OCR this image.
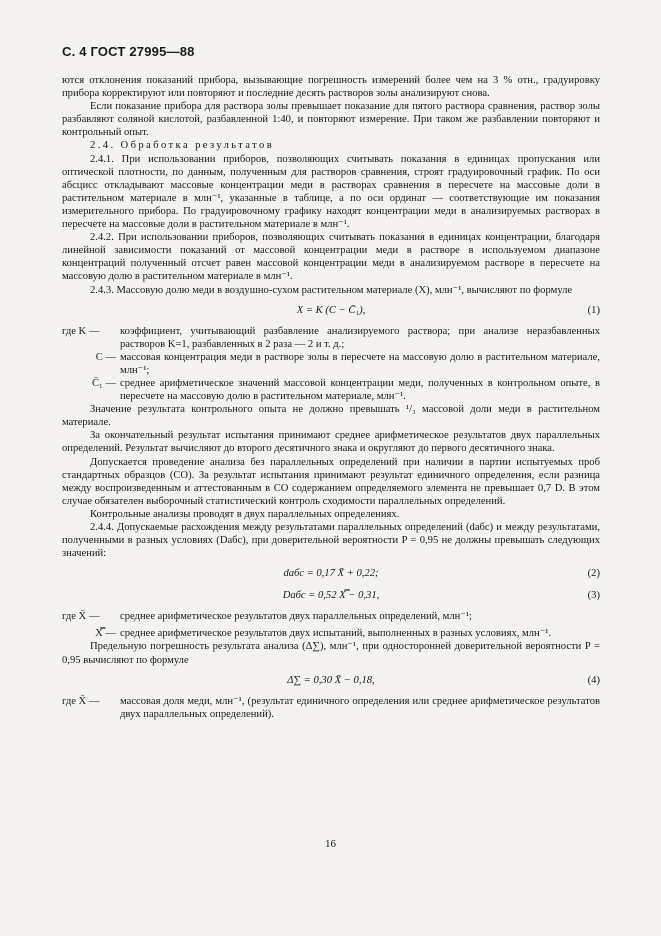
С. 4 ГОСТ 27995—88

ются отклонения показаний прибора, вызывающие погрешность измерений более чем на 3 % отн., градуировку прибора корректируют или повторяют и последние десять растворов золы анализируют снова.

Если показание прибора для раствора золы превышает показание для пятого раствора сравнения, раствор золы разбавляют соляной кислотой, разбавленной 1:40, и повторяют измерение. При таком же разбавлении повторяют и контрольный опыт.

2.4. Обработка результатов

2.4.1. При использовании приборов, позволяющих считывать показания в единицах пропускания или оптической плотности, по данным, полученным для растворов сравнения, строят градуировочный график. По оси абсцисс откладывают массовые концентрации меди в растворах сравнения в пересчете на массовые доли в растительном материале в млн⁻¹, указанные в таблице, а по оси ординат — соответствующие им показания измерительного прибора. По градуировочному графику находят концентрации меди в анализируемых растворах в пересчете на массовые доли в растительном материале в млн⁻¹.

2.4.2. При использовании приборов, позволяющих считывать показания в единицах концентрации, благодаря линейной зависимости показаний от массовой концентрации меди в растворе в используемом диапазоне концентраций полученный отсчет равен массовой концентрации меди в анализируемом растворе в пересчете на массовую долю в растительном материале в млн⁻¹.

2.4.3. Массовую долю меди в воздушно-сухом растительном материале (X), млн⁻¹, вычисляют по формуле

X = K (C − C̄₁),	(1)
где K —	коэффициент, учитывающий разбавление анализируемого раствора; при анализе неразбавленных растворов K=1, разбавленных в 2 раза — 2 и т. д.;
C — массовая концентрация меди в растворе золы в пересчете на массовую долю в растительном материале, млн⁻¹;
C̄₁ — среднее арифметическое значений массовой концентрации меди, полученных в контрольном опыте, в пересчете на массовую долю в растительном материале, млн⁻¹.

Значение результата контрольного опыта не должно превышать ¹/₃ массовой доли меди в растительном материале.

За окончательный результат испытания принимают среднее арифметическое результатов двух параллельных определений. Результат вычисляют до второго десятичного знака и округляют до первого десятичного знака.

Допускается проведение анализа без параллельных определений при наличии в партии испытуемых проб стандартных образцов (СО). За результат испытания принимают результат единичного определения, если разница между воспроизведенным и аттестованным в СО содержанием определяемого элемента не превышает 0,7 D. В этом случае обязателен выборочный статистический контроль сходимости параллельных определений.

Контрольные анализы проводят в двух параллельных определениях.

2.4.4. Допускаемые расхождения между результатами параллельных определений (dабс) и между результатами, полученными в разных условиях (Dабс), при доверительной вероятности P = 0,95 не должны превышать следующих значений:

dабс = 0,17 X̄ + 0,22;	(2)
Dабс = 0,52 X̿ − 0,31,	(3)
где X̄ —	среднее арифметическое результатов двух параллельных определений, млн⁻¹;
X̿ — среднее арифметическое результатов двух испытаний, выполненных в разных условиях, млн⁻¹.

Предельную погрешность результата анализа (Δ∑), млн⁻¹, при односторонней доверительной вероятности P = 0,95 вычисляют по формуле

Δ∑ = 0,30 X̄ − 0,18,	(4)
где X̄ —	массовая доля меди, млн⁻¹, (результат единичного определения или среднее арифметическое результатов двух параллельных определений).
16
